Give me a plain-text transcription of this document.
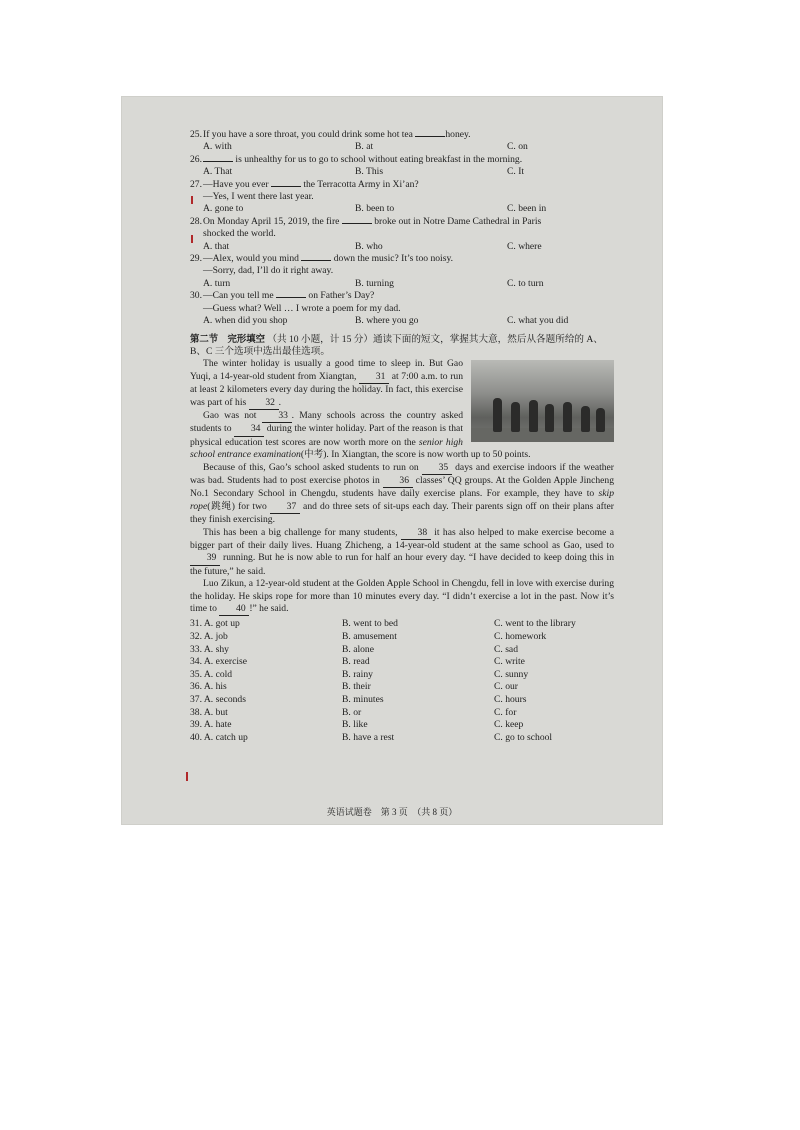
25. If you have a sore throat, you could drink some hot tea	honey.
A. with	B. at	C. on
26.	is unhealthy for us to go to school without eating breakfast in the morning.
A. That	B. This	C. It
27. —Have you ever	the Terracotta Army in Xi’an?
—Yes, I went there last year.
A. gone to	B. been to	C. been in
28. On Monday April 15, 2019, the fire	broke out in Notre Dame Cathedral in Paris
shocked the world.
A. that	B. who	C. where
29. —Alex, would you mind	down the music? It’s too noisy.
—Sorry, dad, I’ll do it right away.
A. turn	B. turning	C. to turn
30. —Can you tell me	on Father’s Day?
—Guess what? Well … I wrote a poem for my dad.
A. when did you shop	B. where you go	C. what you did
第二节　完形填空 （共 10 小题，计 15 分）通读下面的短文，掌握其大意，然后从各题所给的 A、B、C 三个选项中选出最佳选项。
The winter holiday is usually a good time to sleep in. But Gao Yuqi, a 14-year-old student from Xiangtan, 31 at 7:00 a.m. to run at least 2 kilometers every day during the holiday. In fact, this exercise was part of his 32 .
Gao was not 33 . Many schools across the country asked students to 34 during the winter holiday. Part of the reason is that physical education test scores are now worth more on the senior high school entrance examination(中考). In Xiangtan, the score is now worth up to 50 points.
Because of this, Gao’s school asked students to run on 35 days and exercise indoors if the weather was bad. Students had to post exercise photos in 36 classes’ QQ groups. At the Golden Apple Jincheng No.1 Secondary School in Chengdu, students have daily exercise plans. For example, they have to skip rope(跳绳) for two 37 and do three sets of sit-ups each day. Their parents sign off on their plans after they finish exercising.
This has been a big challenge for many students, 38 it has also helped to make exercise become a bigger part of their daily lives. Huang Zhicheng, a 14-year-old student at the same school as Gao, used to 39 running. But he is now able to run for half an hour every day. “I have decided to keep doing this in the future,” he said.
Luo Zikun, a 12-year-old student at the Golden Apple School in Chengdu, fell in love with exercise during the holiday. He skips rope for more than 10 minutes every day. “I didn’t exercise a lot in the past. Now it’s time to 40 !” he said.
31. A. got up	B. went to bed	C. went to the library
32. A. job	B. amusement	C. homework
33. A. shy	B. alone	C. sad
34. A. exercise	B. read	C. write
35. A. cold	B. rainy	C. sunny
36. A. his	B. their	C. our
37. A. seconds	B. minutes	C. hours
38. A. but	B. or	C. for
39. A. hate	B. like	C. keep
40. A. catch up	B. have a rest	C. go to school
英语试题卷　第 3 页　（共 8 页）
